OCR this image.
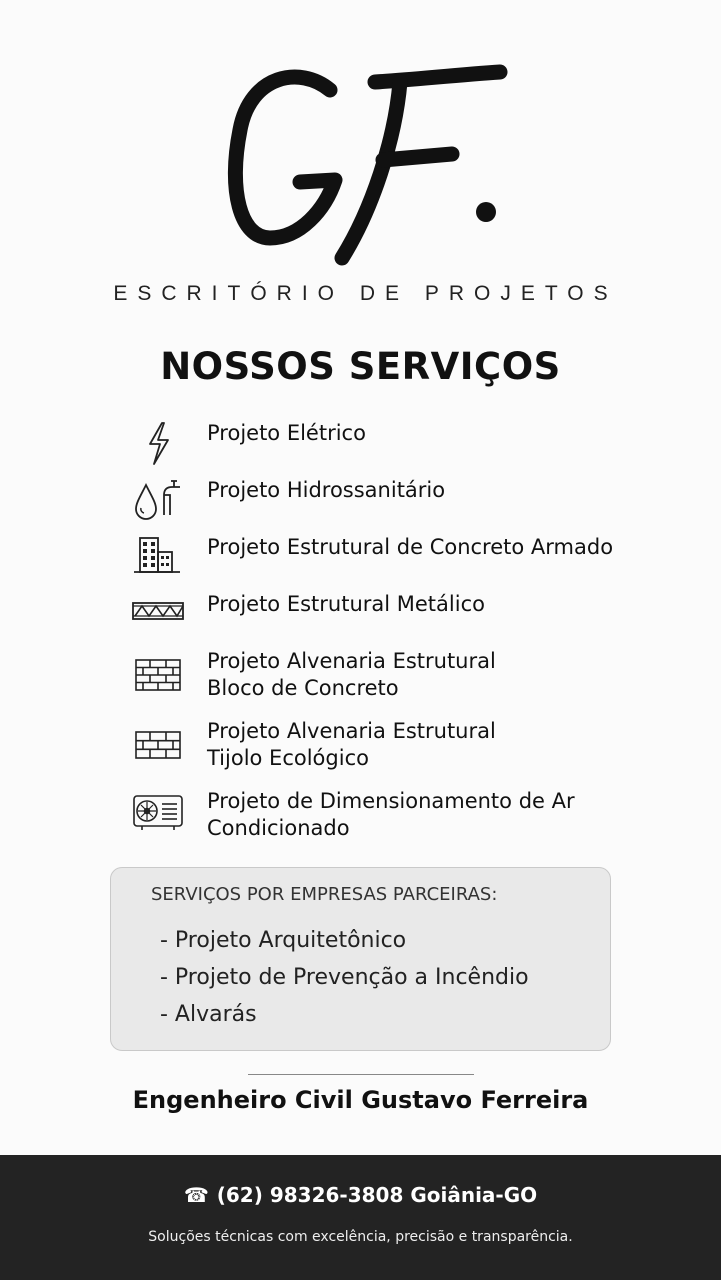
ESCRITÓRIO DE PROJETOS
NOSSOS SERVIÇOS
Projeto Elétrico
Projeto Hidrossanitário
Projeto Estrutural de Concreto Armado
Projeto Estrutural Metálico
Projeto Alvenaria Estrutural
Bloco de Concreto
Projeto Alvenaria Estrutural
Tijolo Ecológico
Projeto de Dimensionamento de Ar
Condicionado
SERVIÇOS POR EMPRESAS PARCEIRAS:
- Projeto Arquitetônico
- Projeto de Prevenção a Incêndio
- Alvarás
Engenheiro Civil Gustavo Ferreira
☎ (62) 98326-3808 Goiânia-GO
Soluções técnicas com excelência, precisão e transparência.
